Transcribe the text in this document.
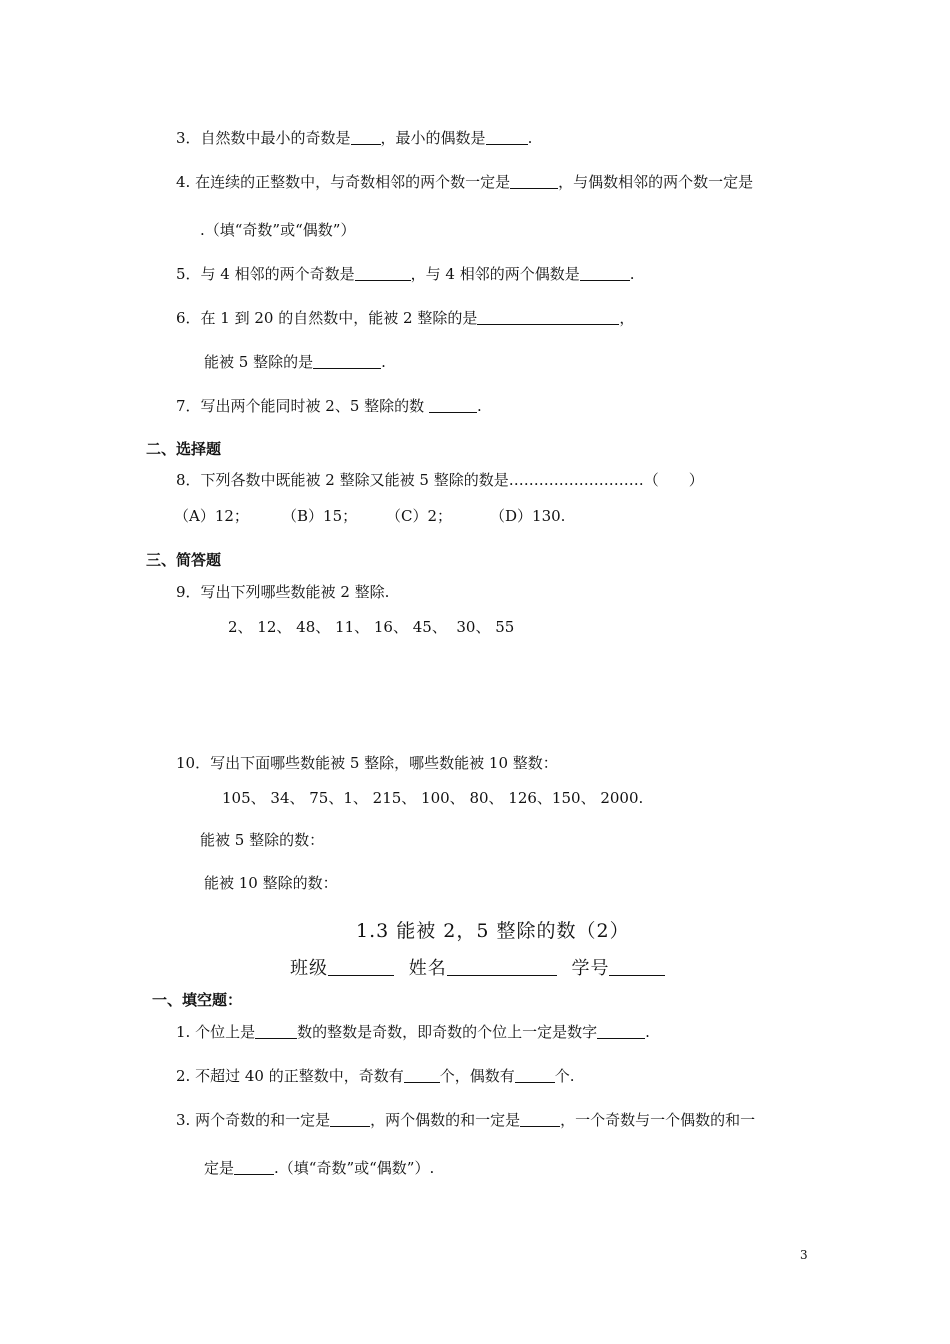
3．自然数中最小的奇数是 ，最小的偶数是	.
4. 在连续的正整数中，与奇数相邻的两个数一定是	，与偶数相邻的两个数一定是
.（填“奇数”或“偶数”）
5．与 4 相邻的两个奇数是	，与 4 相邻的两个偶数是	.
6．在 1 到 20 的自然数中，能被 2 整除的是	，
能被 5 整除的是	.
7．写出两个能同时被 2、5 整除的数	.
二、选择题
8．下列各数中既能被 2 整除又能被 5 整除的数是………………………（　　）
（A）12； （B）15； （C）2；	（D）130.
三、简答题
9．写出下列哪些数能被 2 整除.
2、 12、 48、 11、 16、 45、  30、 55
10．写出下面哪些数能被 5 整除，哪些数能被 10 整数：
105、 34、 75、1、 215、 100、 80、 126、150、 2000.
能被 5 整除的数：
能被 10 整除的数：
1.3 能被 2，5 整除的数（2）
班级	姓名	学号
一、填空题：
1. 个位上是	数的整数是奇数，即奇数的个位上一定是数字	.
2. 不超过 40 的正整数中，奇数有 个，偶数有	个.
3. 两个奇数的和一定是	，两个偶数的和一定是	，一个奇数与一个偶数的和一
定是	.（填“奇数”或“偶数”）.
3
